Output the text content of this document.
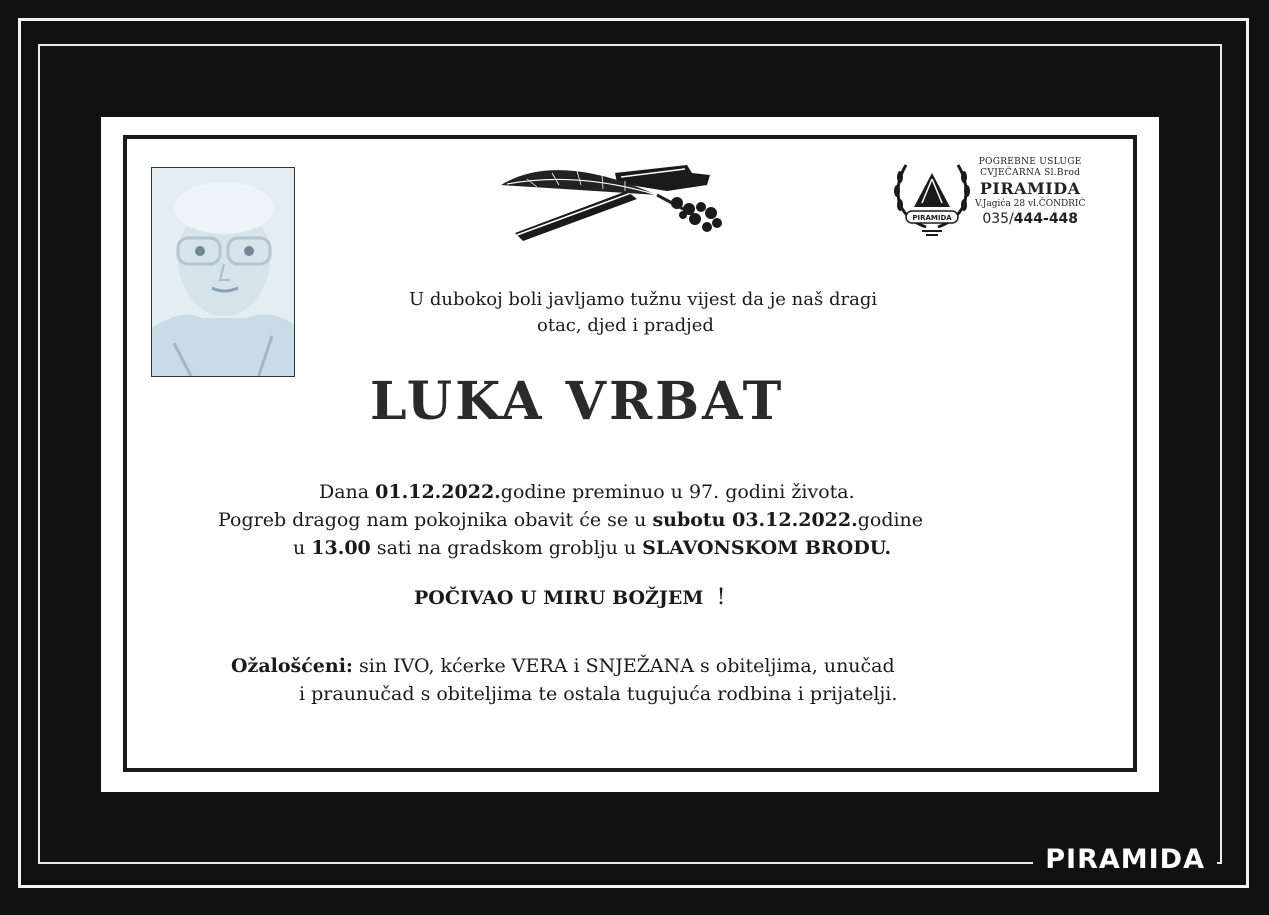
PIRAMIDA
PIRAMIDA
POGREBNE USLUGE
CVJEČARNA Sl.Brod
PIRAMIDA
V.Jagića 28 vl.ČONDRIĆ
035/444-448
U dubokoj boli javljamo tužnu vijest da je naš dragi
otac, djed i pradjed
LUKA VRBAT
Dana 01.12.2022.godine preminuo u 97. godini života.
Pogreb dragog nam pokojnika obavit će se u subotu 03.12.2022.godine
u 13.00 sati na gradskom groblju u SLAVONSKOM BRODU.
POČIVAO U MIRU BOŽJEM !
Ožalošćeni: sin IVO, kćerke VERA i SNJEŽANA s obiteljima, unučad
i praunučad s obiteljima te ostala tugujuća rodbina i prijatelji.
